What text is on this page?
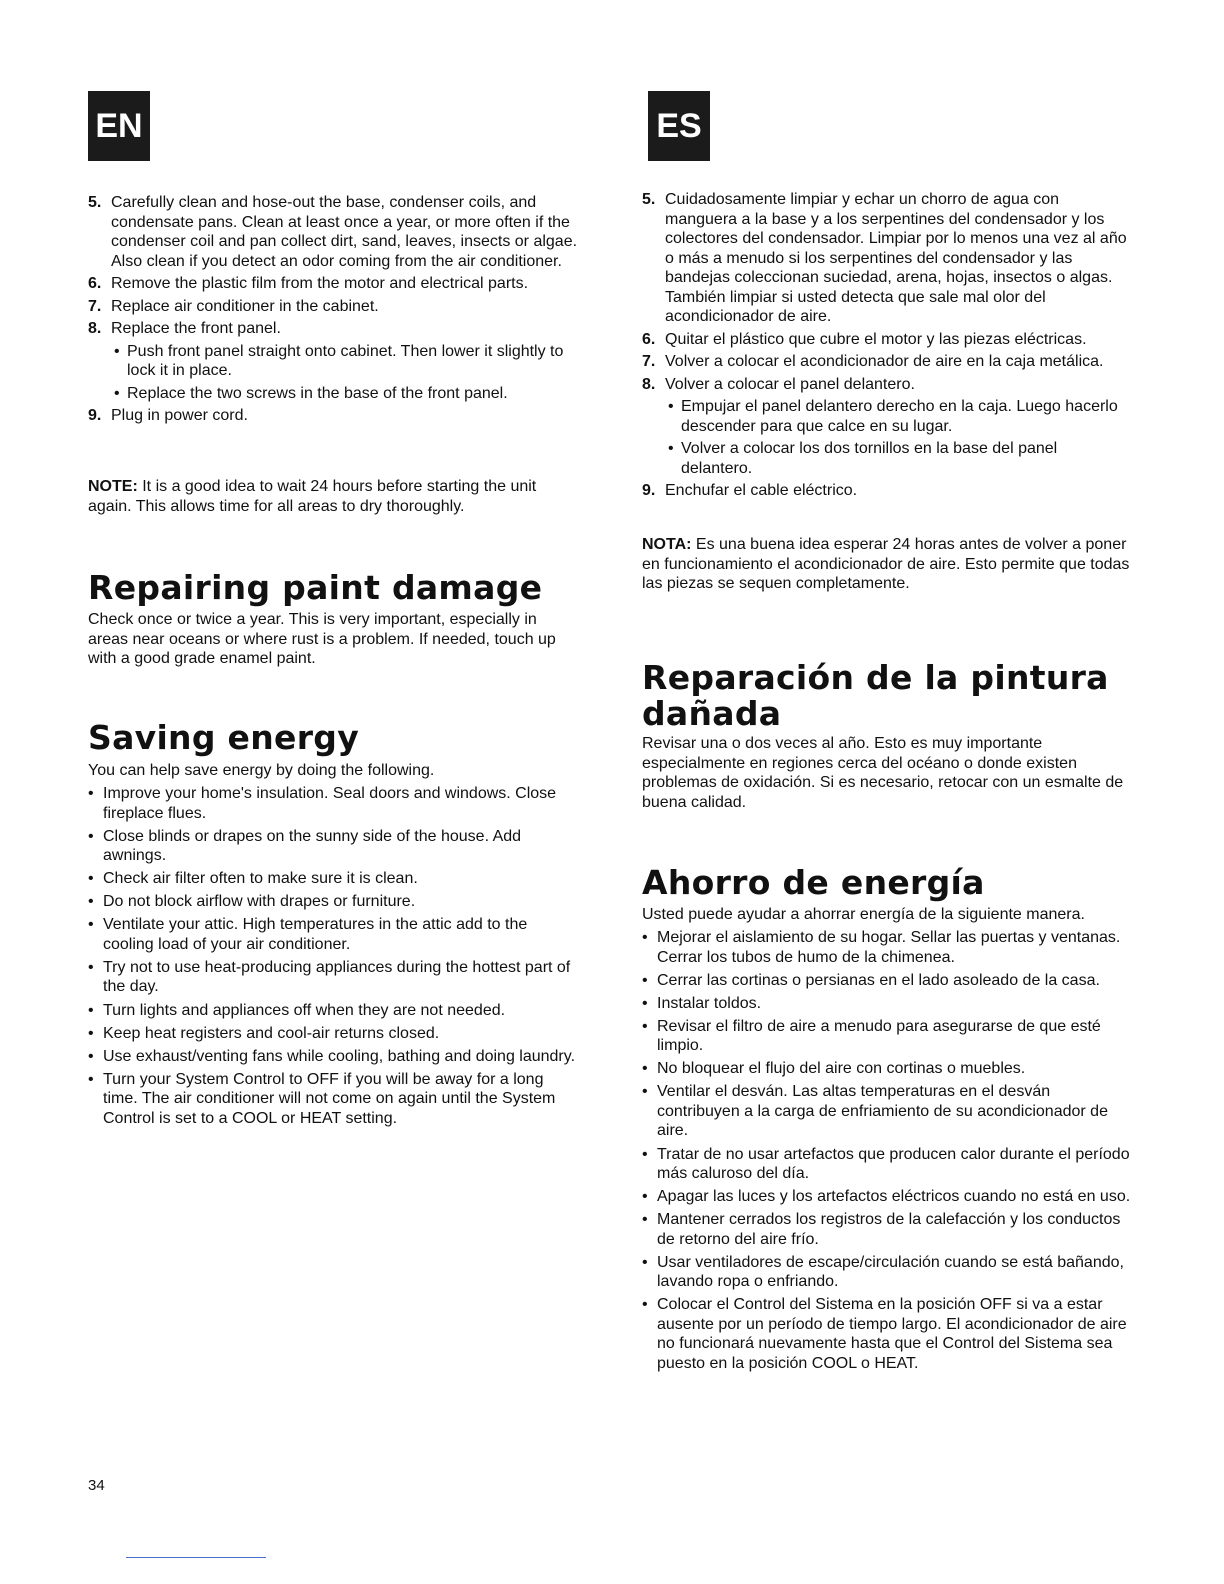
EN
5. Carefully clean and hose-out the base, condenser coils, and condensate pans. Clean at least once a year, or more often if the condenser coil and pan collect dirt, sand, leaves, insects or algae. Also clean if you detect an odor coming from the air conditioner.
6. Remove the plastic film from the motor and electrical parts.
7. Replace air conditioner in the cabinet.
8. Replace the front panel.
• Push front panel straight onto cabinet. Then lower it slightly to lock it in place.
• Replace the two screws in the base of the front panel.
9. Plug in power cord.

NOTE: It is a good idea to wait 24 hours before starting the unit again. This allows time for all areas to dry thoroughly.

Repairing paint damage

Check once or twice a year. This is very important, especially in areas near oceans or where rust is a problem. If needed, touch up with a good grade enamel paint.

Saving energy

You can help save energy by doing the following.

• Improve your home's insulation. Seal doors and windows. Close fireplace flues.
• Close blinds or drapes on the sunny side of the house. Add awnings.
• Check air filter often to make sure it is clean.
• Do not block airflow with drapes or furniture.
• Ventilate your attic. High temperatures in the attic add to the cooling load of your air conditioner.
• Try not to use heat-producing appliances during the hottest part of the day.
• Turn lights and appliances off when they are not needed.
• Keep heat registers and cool-air returns closed.
• Use exhaust/venting fans while cooling, bathing and doing laundry.
• Turn your System Control to OFF if you will be away for a long time. The air conditioner will not come on again until the System Control is set to a COOL or HEAT setting.
ES
5. Cuidadosamente limpiar y echar un chorro de agua con manguera a la base y a los serpentines del condensador y los colectores del condensador. Limpiar por lo menos una vez al año o más a menudo si los serpentines del condensador y las bandejas coleccionan suciedad, arena, hojas, insectos o algas. También limpiar si usted detecta que sale mal olor del acondicionador de aire.
6. Quitar el plástico que cubre el motor y las piezas eléctricas.
7. Volver a colocar el acondicionador de aire en la caja metálica.
8. Volver a colocar el panel delantero.
• Empujar el panel delantero derecho en la caja. Luego hacerlo descender para que calce en su lugar.
• Volver a colocar los dos tornillos en la base del panel delantero.
9. Enchufar el cable eléctrico.

NOTA: Es una buena idea esperar 24 horas antes de volver a poner en funcionamiento el acondicionador de aire. Esto permite que todas las piezas se sequen completamente.

Reparación de la pintura dañada

Revisar una o dos veces al año. Esto es muy importante especialmente en regiones cerca del océano o donde existen problemas de oxidación. Si es necesario, retocar con un esmalte de buena calidad.

Ahorro de energía

Usted puede ayudar a ahorrar energía de la siguiente manera.

• Mejorar el aislamiento de su hogar. Sellar las puertas y ventanas. Cerrar los tubos de humo de la chimenea.
• Cerrar las cortinas o persianas en el lado asoleado de la casa.
• Instalar toldos.
• Revisar el filtro de aire a menudo para asegurarse de que esté limpio.
• No bloquear el flujo del aire con cortinas o muebles.
• Ventilar el desván. Las altas temperaturas en el desván contribuyen a la carga de enfriamiento de su acondicionador de aire.
• Tratar de no usar artefactos que producen calor durante el período más caluroso del día.
• Apagar las luces y los artefactos eléctricos cuando no está en uso.
• Mantener cerrados los registros de la calefacción y los conductos de retorno del aire frío.
• Usar ventiladores de escape/circulación cuando se está bañando, lavando ropa o enfriando.
• Colocar el Control del Sistema en la posición OFF si va a estar ausente por un período de tiempo largo. El acondicionador de aire no funcionará nuevamente hasta que el Control del Sistema sea puesto en la posición COOL o HEAT.
34
